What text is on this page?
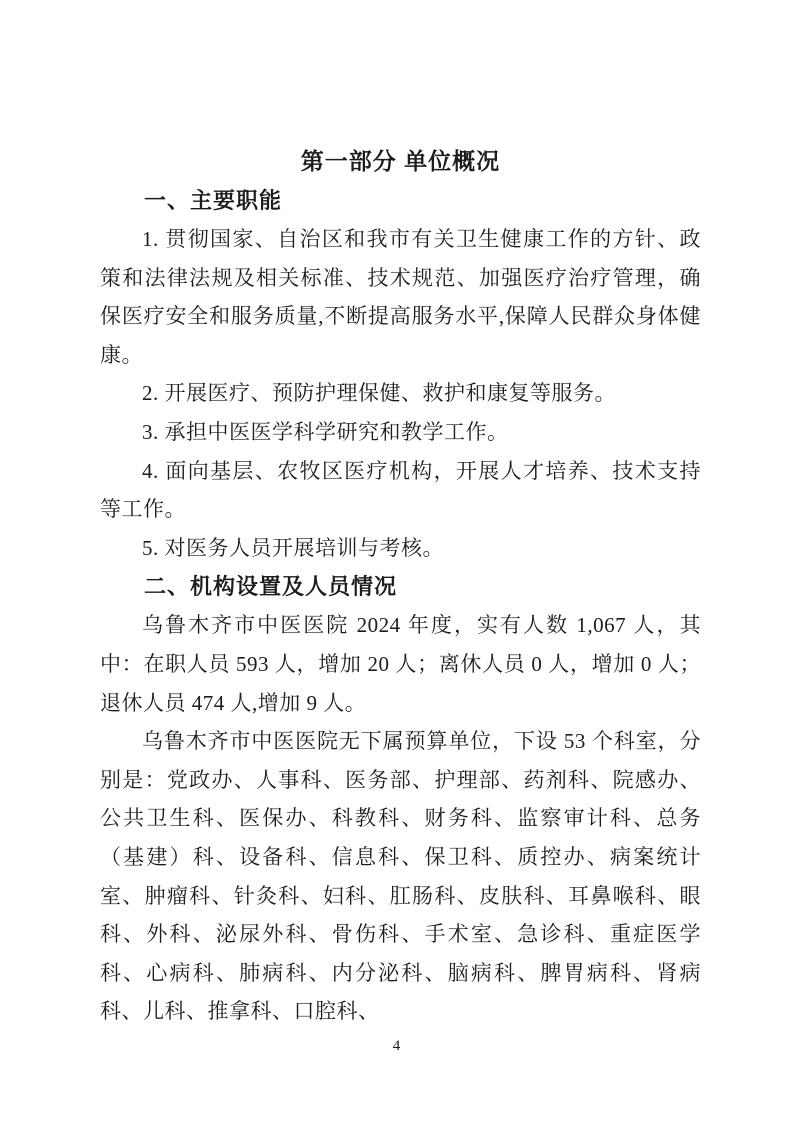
第一部分 单位概况
一、主要职能

1. 贯彻国家、自治区和我市有关卫生健康工作的方针、政策和法律法规及相关标准、技术规范、加强医疗治疗管理，确保医疗安全和服务质量,不断提高服务水平,保障人民群众身体健康。

2. 开展医疗、预防护理保健、救护和康复等服务。

3. 承担中医医学科学研究和教学工作。

4. 面向基层、农牧区医疗机构，开展人才培养、技术支持等工作。

5. 对医务人员开展培训与考核。

二、机构设置及人员情况

乌鲁木齐市中医医院 2024 年度，实有人数 1,067 人，其中：在职人员 593 人，增加 20 人；离休人员 0 人，增加 0 人；退休人员 474 人,增加 9 人。

乌鲁木齐市中医医院无下属预算单位，下设 53 个科室，分别是：党政办、人事科、医务部、护理部、药剂科、院感办、公共卫生科、医保办、科教科、财务科、监察审计科、总务（基建）科、设备科、信息科、保卫科、质控办、病案统计室、肿瘤科、针灸科、妇科、肛肠科、皮肤科、耳鼻喉科、眼科、外科、泌尿外科、骨伤科、手术室、急诊科、重症医学科、心病科、肺病科、内分泌科、脑病科、脾胃病科、肾病科、儿科、推拿科、口腔科、

4
